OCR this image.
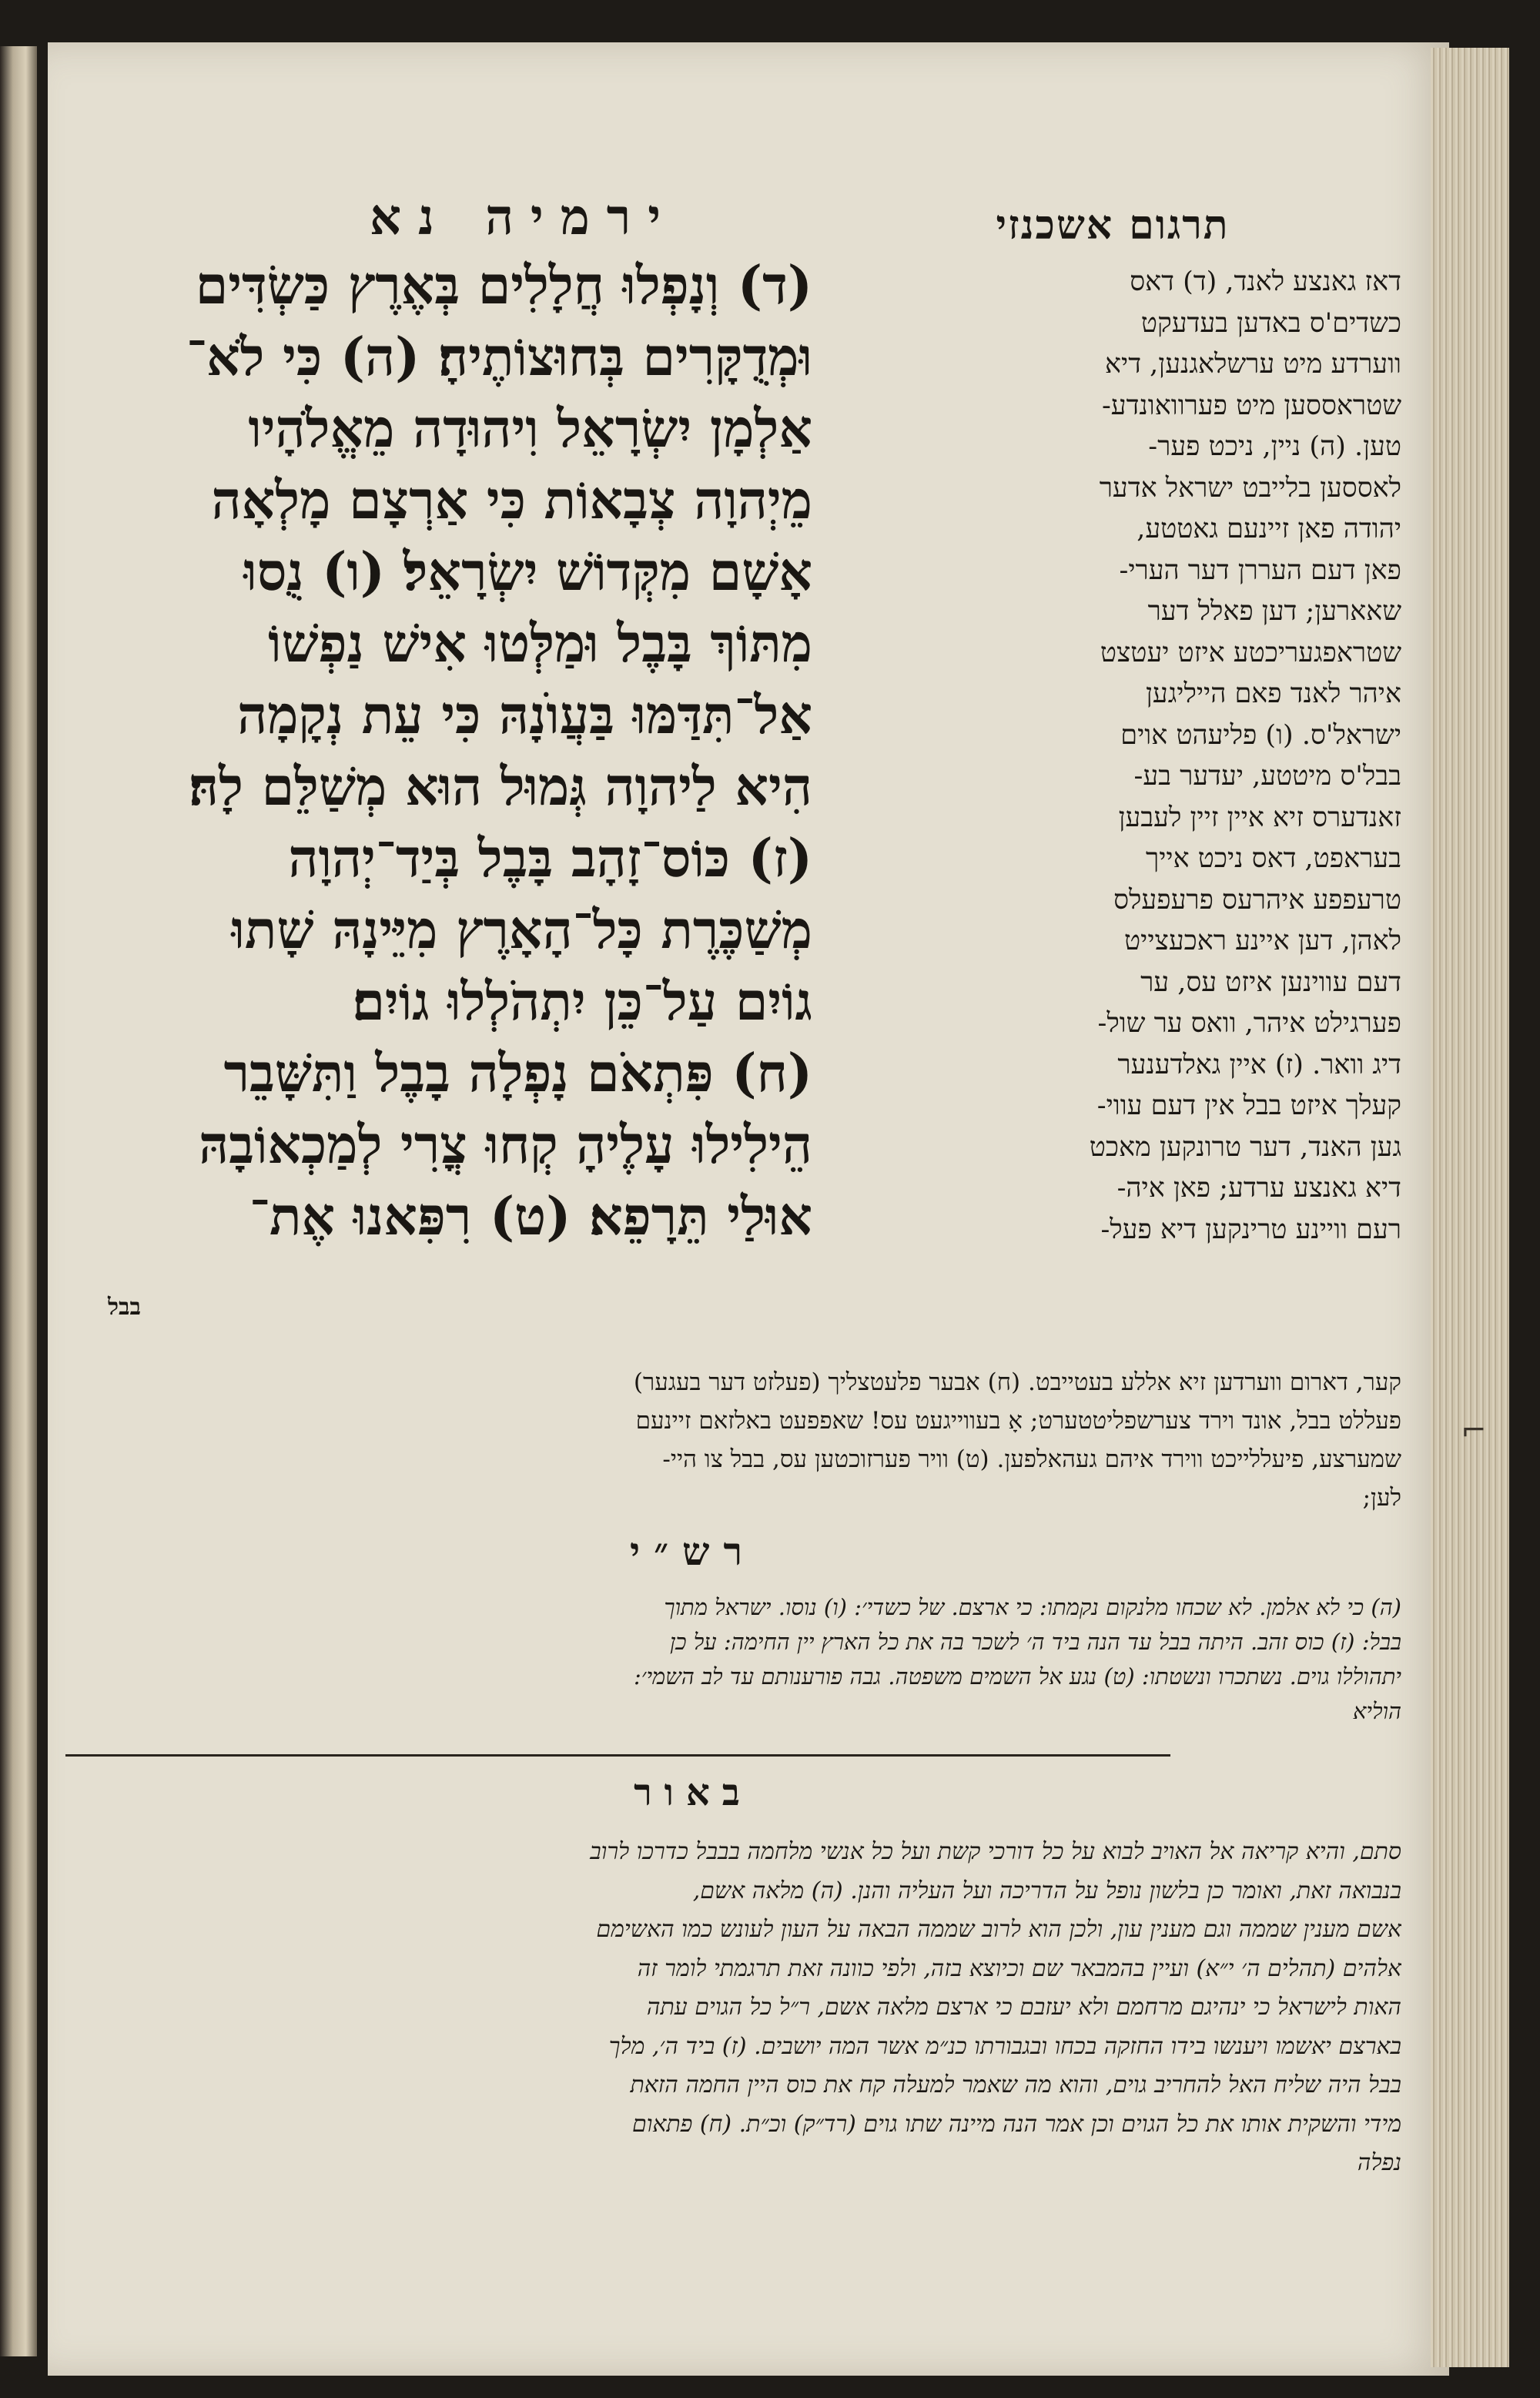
תרגום אשכנזי
ירמיה נא
דאז גאנצע לאנד, (ד) דאס
כשדים'ס באדען בעדעקט
ווערדע מיט ערשלאגנען, דיא
שטראססען מיט פערוואונדע-
טען. (ה) ניין, ניכט פער-
לאססען בלייבט ישראל אדער
יהודה פאן זיינעם גאטטע,
פאן דעם העררן דער הערי-
שאארען; דען פאלל דער
שטראפגעריכטע איזט יעטצט
איהר לאנד פאם הייליגען
ישראל'ס. (ו) פליעהט אוים
בבל'ס מיטטע, יעדער בע-
זאנדערס זיא איין זיין לעבען
בעראפט, דאס ניכט אייך
טרעפפע איהרעס פרעפעלס
לאהן, דען איינע ראכעצייט
דעם עווינען איזט עס, ער
פערגילט איהר, וואס ער שול-
דיג וואר. (ז) איין גאלדענער
קעלך איזט בבל אין דעם עווי-
גען האנד, דער טרונקען מאכט
דיא גאנצע ערדע; פאן איה-
רעם וויינע טרינקען דיא פעל-
(ד) וְנָפְלוּ חֲלָלִים בְּאֶרֶץ כַּשְׂדִּים
וּמְדֻקָּרִים בְּחוּצוֹתֶיהָ׃ (ה) כִּי לֹא־
אַלְמָן יִשְׂרָאֵל וִיהוּדָה מֵאֱלֹהָיו
מֵיְהוָה צְבָאוֹת כִּי אַרְצָם מָלְאָה
אָשָׁם מִקְּדוֹשׁ יִשְׂרָאֵל׃ (ו) נֻסוּ
מִתּוֹךְ בָּבֶל וּמַלְּטוּ אִישׁ נַפְשׁוֹ
אַל־תִּדַּמּוּ בַּעֲוֺנָהּ כִּי עֵת נְקָמָה
הִיא לַיהוָה גְּמוּל הוּא מְשַׁלֵּם לָהּ׃
(ז) כּוֹס־זָהָב בָּבֶל בְּיַד־יְהוָה
מְשַׁכֶּרֶת כָּל־הָאָרֶץ מִיֵּינָהּ שָׁתוּ
גוֹיִם עַל־כֵּן יִתְהֹלְלוּ גוֹיִם׃
(ח) פִּתְאֹם נָפְלָה בָבֶל וַתִּשָּׁבֵר
הֵילִילוּ עָלֶיהָ קְחוּ צֳרִי לְמַכְאוֹבָהּ
אוּלַי תֵּרָפֵא׃ (ט) רִפִּאנוּ אֶת־
בבל
קער, דארום ווערדען זיא אללע בעטייבט. (ח) אבער פלעטצליך (פעלזט דער בעגער)
פעללט בבל, אונד וירד צערשפליטטערט; אָ בעווייגעט עס! שאפפעט באלזאם זיינעם
שמערצע, פיעללייכט ווירד איהם געהאלפען. (ט) וויר פערזוכטען עס, בבל צו היי-
לען;
רש״י
(ה) כי לא אלמן. לא שכחו מלנקום נקמתו: כי ארצם. של כשדי׳: (ו) נוסו. ישראל מתוך
בבל: (ז) כוס זהב. היתה בבל עד הנה ביד ה׳ לשכר בה את כל הארץ יין החימה: על כן
יתהוללו גוים. נשתכרו ונשטתו: (ט) נגע אל השמים משפטה. גבה פורענותם עד לב השמי׳:
הוליא
באור
סתם, והיא קריאה אל האויב לבוא על כל דורכי קשת ועל כל אנשי מלחמה בבבל כדרכו לרוב
בנבואה זאת, ואומר כן בלשון נופל על הדריכה ועל העליה והנן. (ה) מלאה אשם,
אשם מענין שממה וגם מענין עון, ולכן הוא לרוב שממה הבאה על העון לעונש כמו האשימם
אלהים (תהלים ה׳ י״א) ועיין בהמבאר שם וכיוצא בזה, ולפי כוונה זאת תרגמתי לומר זה
האות לישראל כי ינהיגם מרחמם ולא יעזבם כי ארצם מלאה אשם, ר״ל כל הגוים עתה
בארצם יאשמו ויענשו בידו החזקה בכחו ובגבורתו כנ״מ אשר המה יושבים. (ז) ביד ה׳, מלך
בבל היה שליח האל להחריב גוים, והוא מה שאמר למעלה קח את כוס היין החמה הזאת
מידי והשקית אותו את כל הגוים וכן אמר הנה מיינה שתו גוים (רד״ק) וכ״ת. (ח) פתאום
נפלה
⌐
